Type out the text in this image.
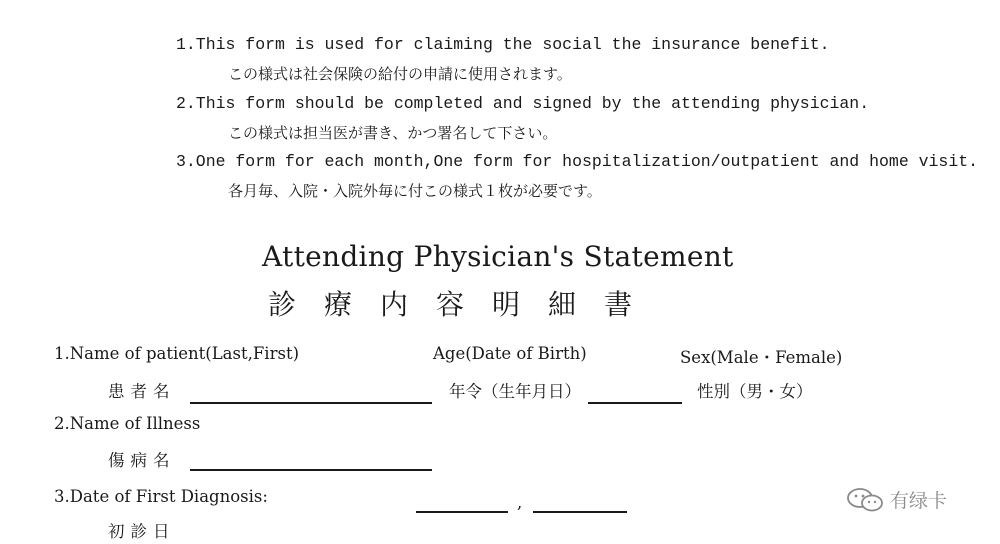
1.This form is used for claiming the social the insurance benefit.
この様式は社会保険の給付の申請に使用されます。
2.This form should be completed and signed by the attending physician.
この様式は担当医が書き、かつ署名して下さい。
3.One form for each month,One form for hospitalization/outpatient and home visit.
各月毎、入院・入院外毎に付この様式１枚が必要です。
Attending Physician's Statement
診療内容明細書
1.Name of patient(Last,First)
患者名
Age(Date of Birth)
年令（生年月日）
Sex(Male・Female)
性別（男・女）
2.Name of Illness
傷病名
3.Date of First Diagnosis:
初診日
,	有绿卡
